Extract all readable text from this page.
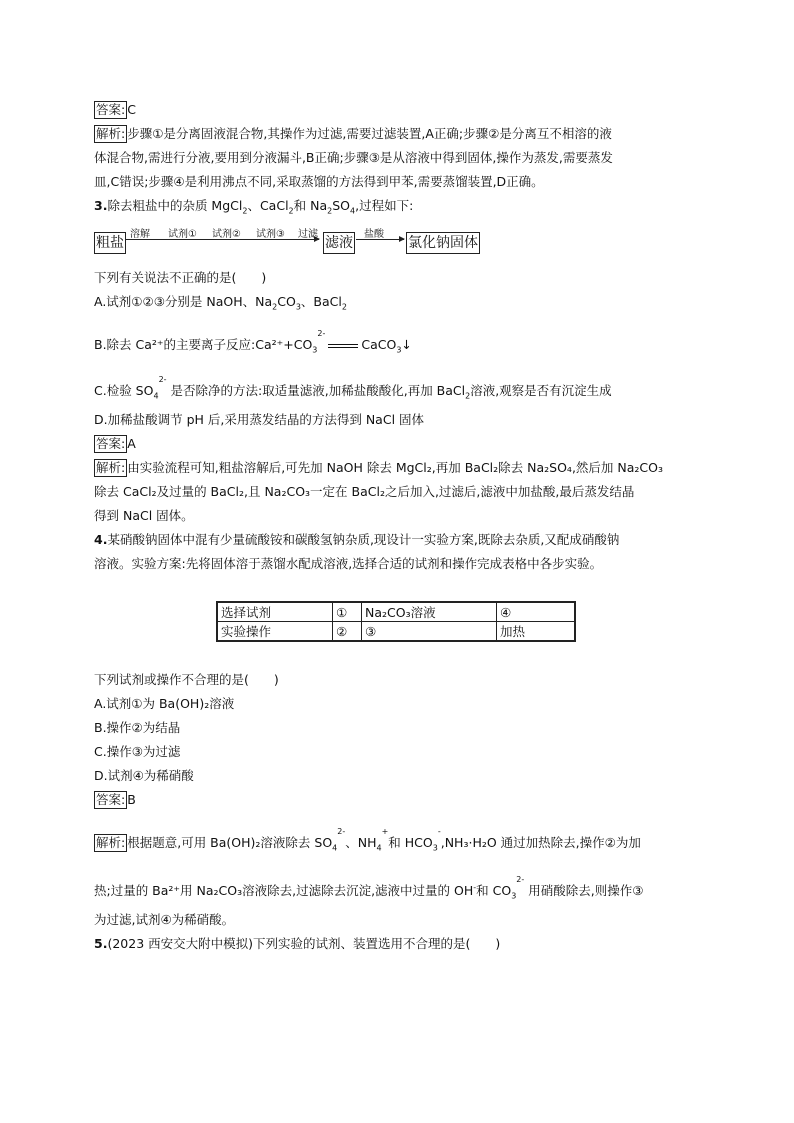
答案: C
解析: 步骤①是分离固液混合物,其操作为过滤,需要过滤装置,A正确;步骤②是分离互不相溶的液
体混合物,需进行分液,要用到分液漏斗,B正确;步骤③是从溶液中得到固体,操作为蒸发,需要蒸发
皿,C错误;步骤④是利用沸点不同,采取蒸馏的方法得到甲苯,需要蒸馏装置,D正确。
3.除去粗盐中的杂质 MgCl$_2$、CaCl$_2$和 $Na_2SO_4$,过程如下:
粗盐
溶解 试剂① 试剂② 试剂③ 过滤
滤液
盐酸
氯化钠固体
下列有关说法不正确的是(　　)
A.试剂①②③分别是 NaOH、$Na_2CO_3$、BaCl$_2$
B.除去 Ca²⁺的主要离子反应$:Ca^{2+}+CO_3^{2-}CaCO_3↓$
C.检验 $SO_4^{2-}$ 是否除净的方法:取适量滤液,加稀盐酸酸化,再加 BaCl$_2$溶液,观察是否有沉淀生成
D.加稀盐酸调节 pH 后,采用蒸发结晶的方法得到 NaCl 固体
答案: A
解析: 由实验流程可知,粗盐溶解后,可先加 NaOH 除去 MgCl₂,再加 BaCl₂除去 Na₂SO₄,然后加 Na₂CO₃
除去 CaCl₂及过量的 BaCl₂,且 Na₂CO₃一定在 BaCl₂之后加入,过滤后,滤液中加盐酸,最后蒸发结晶
得到 NaCl 固体。
4.某硝酸钠固体中混有少量硫酸铵和碳酸氢钠杂质,现设计一实验方案,既除去杂质,又配成硝酸钠
溶液。实验方案:先将固体溶于蒸馏水配成溶液,选择合适的试剂和操作完成表格中各步实验。
选择试剂	①	Na₂CO₃溶液	④
实验操作	②	③	加热
下列试剂或操作不合理的是(　　)
A.试剂①为 Ba(OH)₂溶液
B.操作②为结晶
C.操作③为过滤
D.试剂④为稀硝酸
答案: B
解析: 根据题意,可用 Ba(OH)₂溶液除去 $SO_4^{2-}$、$NH_4^+$和 $HCO_3^-,NH_3\cdot H_2O$ 通过加热除去,操作②为加
热;过量的 Ba²⁺用 Na₂CO₃溶液除去,过滤除去沉淀,滤液中过量的 OH-和 $CO_3^{2-}$ 用硝酸除去,则操作③
为过滤,试剂④为稀硝酸。
5.(2023 西安交大附中模拟)下列实验的试剂、装置选用不合理的是(　　)
